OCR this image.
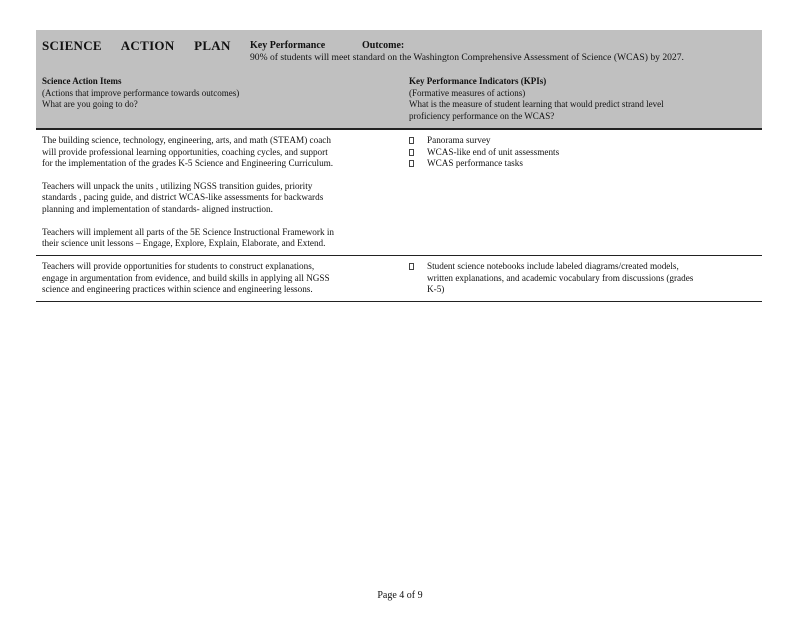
SCIENCE ACTION PLAN Key Performance	Outcome:
90% of students will meet standard on the Washington Comprehensive Assessment of Science (WCAS) by 2027.
Science Action Items
(Actions that improve performance towards outcomes)
What are you going to do?
Key Performance Indicators (KPIs)
(Formative measures of actions)
What is the measure of student learning that would predict strand level
proficiency performance on the WCAS?
The building science, technology, engineering, arts, and math (STEAM) coach
will provide professional learning opportunities, coaching cycles, and support
for the implementation of the grades K-5 Science and Engineering Curriculum.
Teachers will unpack the units , utilizing NGSS transition guides, priority
standards , pacing guide, and district WCAS-like assessments for backwards
planning and implementation of standards- aligned instruction.
Teachers will implement all parts of the 5E Science Instructional Framework in
their science unit lessons – Engage, Explore, Explain, Elaborate, and Extend.
Panorama survey
WCAS-like end of unit assessments
WCAS performance tasks
Teachers will provide opportunities for students to construct explanations,
engage in argumentation from evidence, and build skills in applying all NGSS
science and engineering practices within science and engineering lessons.
Student science notebooks include labeled diagrams/created models,
written explanations, and academic vocabulary from discussions (grades
K-5)
Page 4 of 9
